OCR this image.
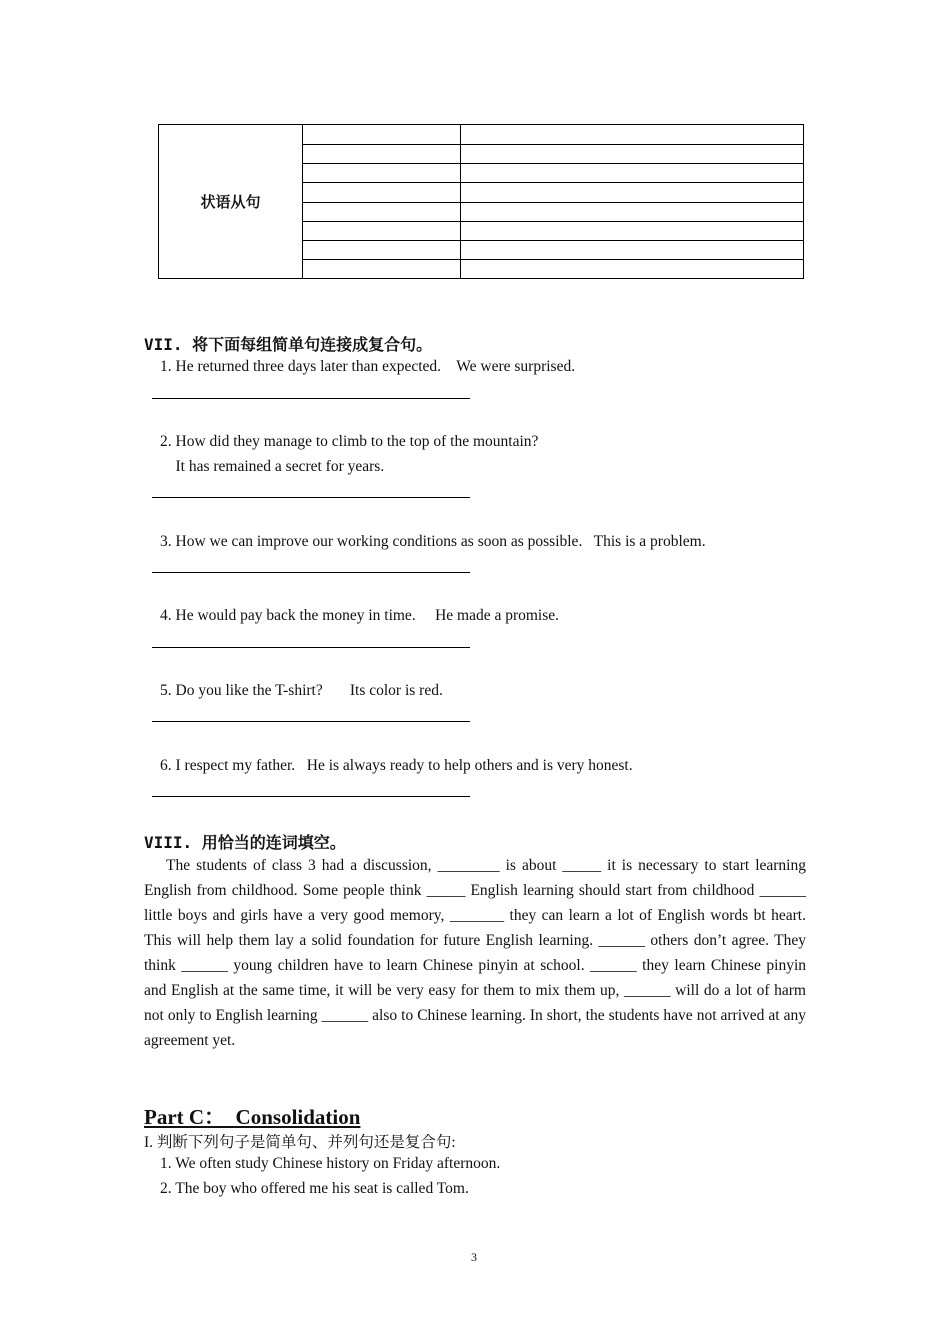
状语从句
VII. 将下面每组简单句连接成复合句。
1. He returned three days later than expected.    We were surprised.
2. How did they manage to climb to the top of the mountain?
It has remained a secret for years.
3. How we can improve our working conditions as soon as possible.   This is a problem.
4. He would pay back the money in time.     He made a promise.
5. Do you like the T-shirt?       Its color is red.
6. I respect my father.   He is always ready to help others and is very honest.
VIII. 用恰当的连词填空。
The students of class 3 had a discussion, ________ is about _____ it is necessary to start learning English from childhood. Some people think _____ English learning should start from childhood ______ little boys and girls have a very good memory, _______ they can learn a lot of English words bt heart. This will help them lay a solid foundation for future English learning. ______ others don’t agree. They think ______ young children have to learn Chinese pinyin at school. ______ they learn Chinese pinyin and English at the same time, it will be very easy for them to mix them up, ______ will do a lot of harm not only to English learning ______ also to Chinese learning. In short, the students have not arrived at any agreement yet.
Part C：  Consolidation
I. 判断下列句子是简单句、并列句还是复合句:
1. We often study Chinese history on Friday afternoon.
2. The boy who offered me his seat is called Tom.
3
